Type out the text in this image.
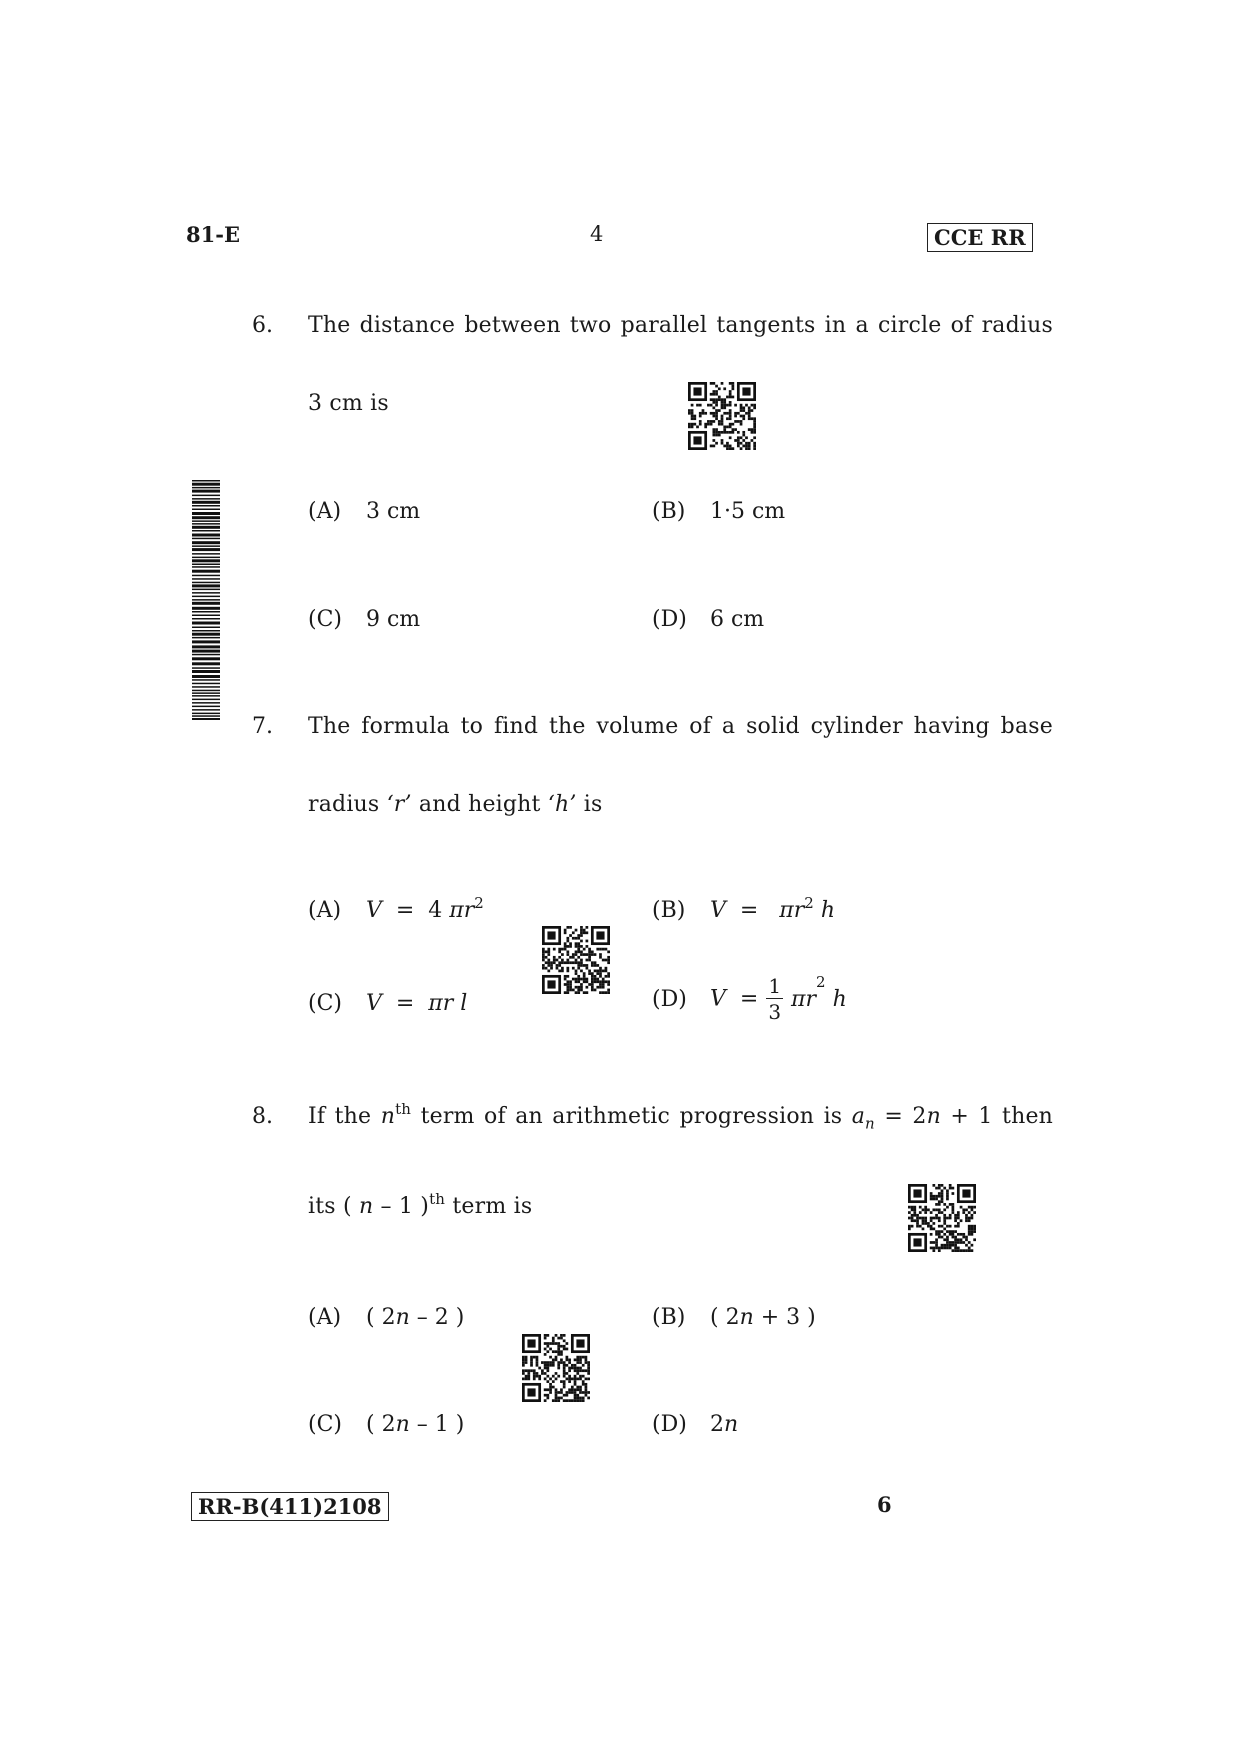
81-E	4	CCE RR
6. The distance between two parallel tangents in a circle of radius
3 cm is
(A) 3 cm	(B) 1·5 cm
(C) 9 cm	(D) 6 cm
7. The formula to find the volume of a solid cylinder having base
radius ‘r’ and height ‘h’ is
(A) V  =  4 $\pi r^2$	(B) $V = \pi r^2$ h
(C) V  =  πr l	(D) $V = \frac{1}{3} \pi r^2$ h
8. If the $n^{th}$ term of an arithmetic progression is $a_n = 2n + 1$ then
its ( n – 1 )$^{th}$ term is
(A) ( 2n – 2 )	(B) ( 2n + 3 )
(C) ( 2n – 1 )	(D) 2n
RR-B(411)2108	6
